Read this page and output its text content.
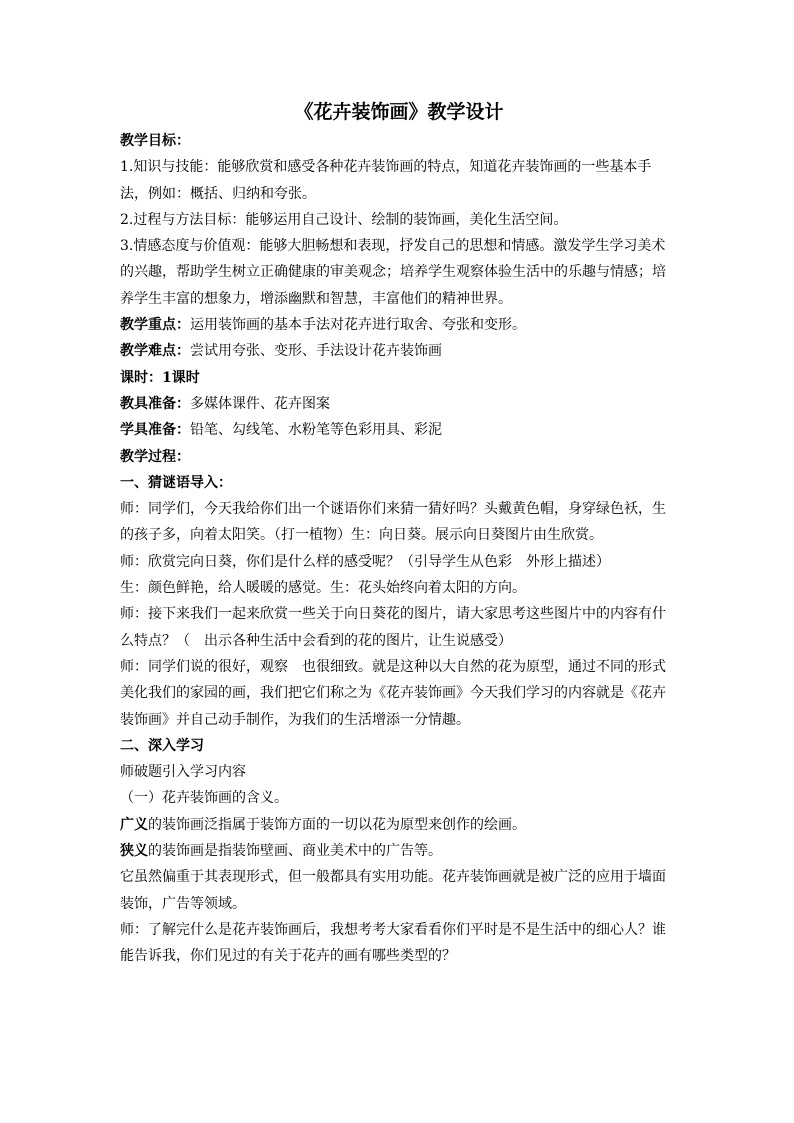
《花卉装饰画》教学设计

教学目标：

1.知识与技能：能够欣赏和感受各种花卉装饰画的特点，知道花卉装饰画的一些基本手法，例如：概括、归纳和夸张。

2.过程与方法目标：能够运用自己设计、绘制的装饰画，美化生活空间。

3.情感态度与价值观：能够大胆畅想和表现，抒发自己的思想和情感。激发学生学习美术的兴趣，帮助学生树立正确健康的审美观念；培养学生观察体验生活中的乐趣与情感；培养学生丰富的想象力，增添幽默和智慧，丰富他们的精神世界。

教学重点：运用装饰画的基本手法对花卉进行取舍、夸张和变形。

教学难点：尝试用夸张、变形、手法设计花卉装饰画

课时：1课时

教具准备：多媒体课件、花卉图案

学具准备：铅笔、勾线笔、水粉笔等色彩用具、彩泥

教学过程：

一、猜谜语导入：

师：同学们，今天我给你们出一个谜语你们来猜一猜好吗？头戴黄色帽，身穿绿色袄，生的孩子多，向着太阳笑。（打一植物）生：向日葵。展示向日葵图片由生欣赏。

师：欣赏完向日葵，你们是什么样的感受呢？（引导学生从色彩　外形上描述）

生：颜色鲜艳，给人暖暖的感觉。生：花头始终向着太阳的方向。

师：接下来我们一起来欣赏一些关于向日葵花的图片，请大家思考这些图片中的内容有什么特点？（　出示各种生活中会看到的花的图片，让生说感受）

师：同学们说的很好，观察　也很细致。就是这种以大自然的花为原型，通过不同的形式美化我们的家园的画，我们把它们称之为《花卉装饰画》今天我们学习的内容就是《花卉装饰画》并自己动手制作，为我们的生活增添一分情趣。

二、深入学习

师破题引入学习内容

（一）花卉装饰画的含义。

广义的装饰画泛指属于装饰方面的一切以花为原型来创作的绘画。

狭义的装饰画是指装饰壁画、商业美术中的广告等。

它虽然偏重于其表现形式，但一般都具有实用功能。花卉装饰画就是被广泛的应用于墙面装饰，广告等领域。

师：了解完什么是花卉装饰画后，我想考考大家看看你们平时是不是生活中的细心人？谁能告诉我，你们见过的有关于花卉的画有哪些类型的？
